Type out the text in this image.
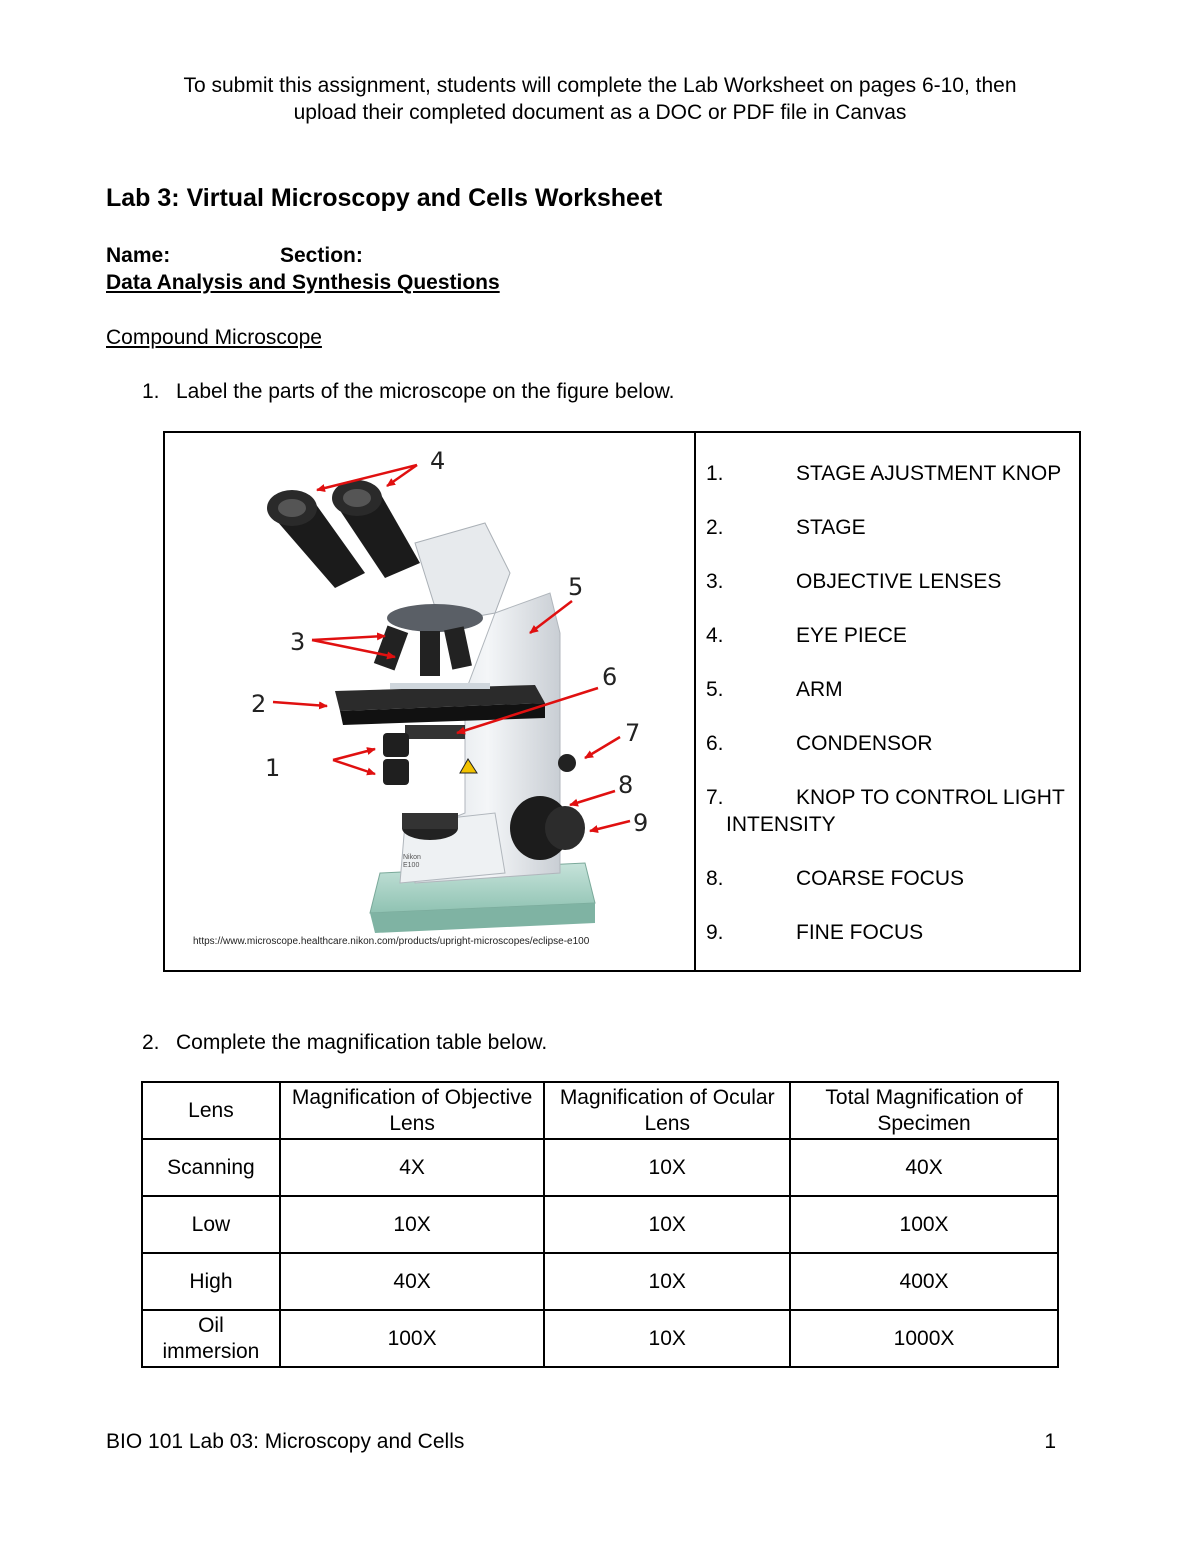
To submit this assignment, students will complete the Lab Worksheet on pages 6-10, then
upload their completed document as a DOC or PDF file in Canvas
Lab 3: Virtual Microscopy and Cells Worksheet
Name:	Section:
Data Analysis and Synthesis Questions
Compound Microscope
1. Label the parts of the microscope on the figure below.
Nikon
E100
1
2
3
4
5
6
7
8
9
https://www.microscope.healthcare.nikon.com/products/upright-microscopes/eclipse-e100
1.	STAGE AJUSTMENT KNOP
2.	STAGE
3.	OBJECTIVE LENSES
4.	EYE PIECE
5.	ARM
6.	CONDENSOR
7.	KNOP TO CONTROL LIGHT INTENSITY
8.	COARSE FOCUS
9.	FINE FOCUS
2. Complete the magnification table below.
Lens	Magnification of Objective Lens	Magnification of Ocular Lens	Total Magnification of Specimen
Scanning	4X	10X	40X
Low	10X	10X	100X
High	40X	10X	400X
Oil immersion	100X	10X	1000X
BIO 101 Lab 03: Microscopy and Cells	1
